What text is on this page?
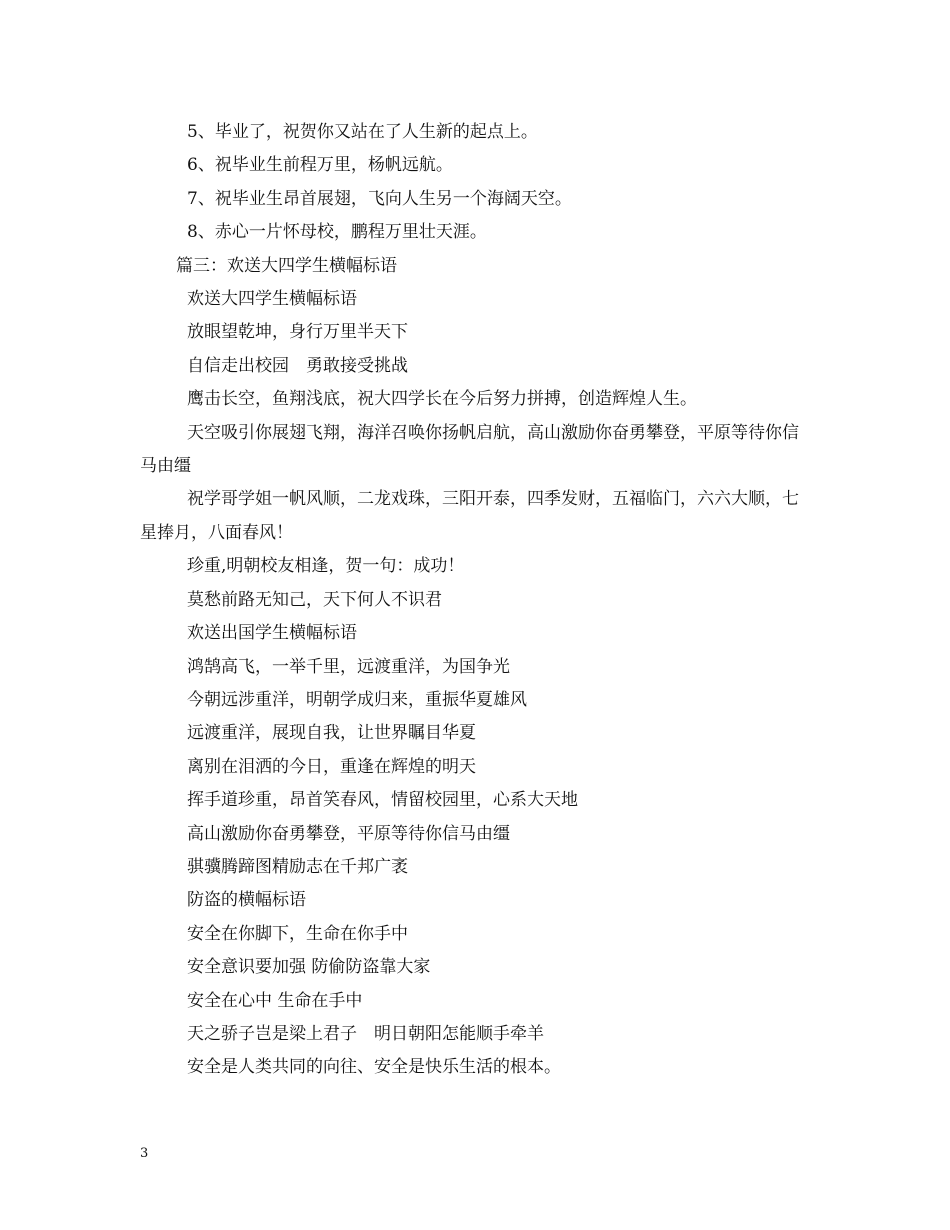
5、毕业了，祝贺你又站在了人生新的起点上。

6、祝毕业生前程万里，杨帆远航。

7、祝毕业生昂首展翅，飞向人生另一个海阔天空。

8、赤心一片怀母校，鹏程万里壮天涯。

篇三：欢送大四学生横幅标语

欢送大四学生横幅标语

放眼望乾坤，身行万里半天下

自信走出校园　勇敢接受挑战

鹰击长空，鱼翔浅底，祝大四学长在今后努力拼搏，创造辉煌人生。

天空吸引你展翅飞翔，海洋召唤你扬帆启航，高山激励你奋勇攀登，平原等待你信马由缰

祝学哥学姐一帆风顺，二龙戏珠，三阳开泰，四季发财，五福临门，六六大顺，七星捧月，八面春风！

珍重,明朝校友相逢，贺一句：成功！

莫愁前路无知己，天下何人不识君

欢送出国学生横幅标语

鸿鹄高飞，一举千里，远渡重洋，为国争光

今朝远涉重洋，明朝学成归来，重振华夏雄风

远渡重洋，展现自我，让世界瞩目华夏

离别在泪洒的今日，重逢在辉煌的明天

挥手道珍重，昂首笑春风，情留校园里，心系大天地

高山激励你奋勇攀登，平原等待你信马由缰

骐骥腾蹄图精励志在千邦广袤

防盗的横幅标语

安全在你脚下，生命在你手中

安全意识要加强 防偷防盗靠大家

安全在心中 生命在手中

天之骄子岂是梁上君子　明日朝阳怎能顺手牵羊

安全是人类共同的向往、安全是快乐生活的根本。

3
